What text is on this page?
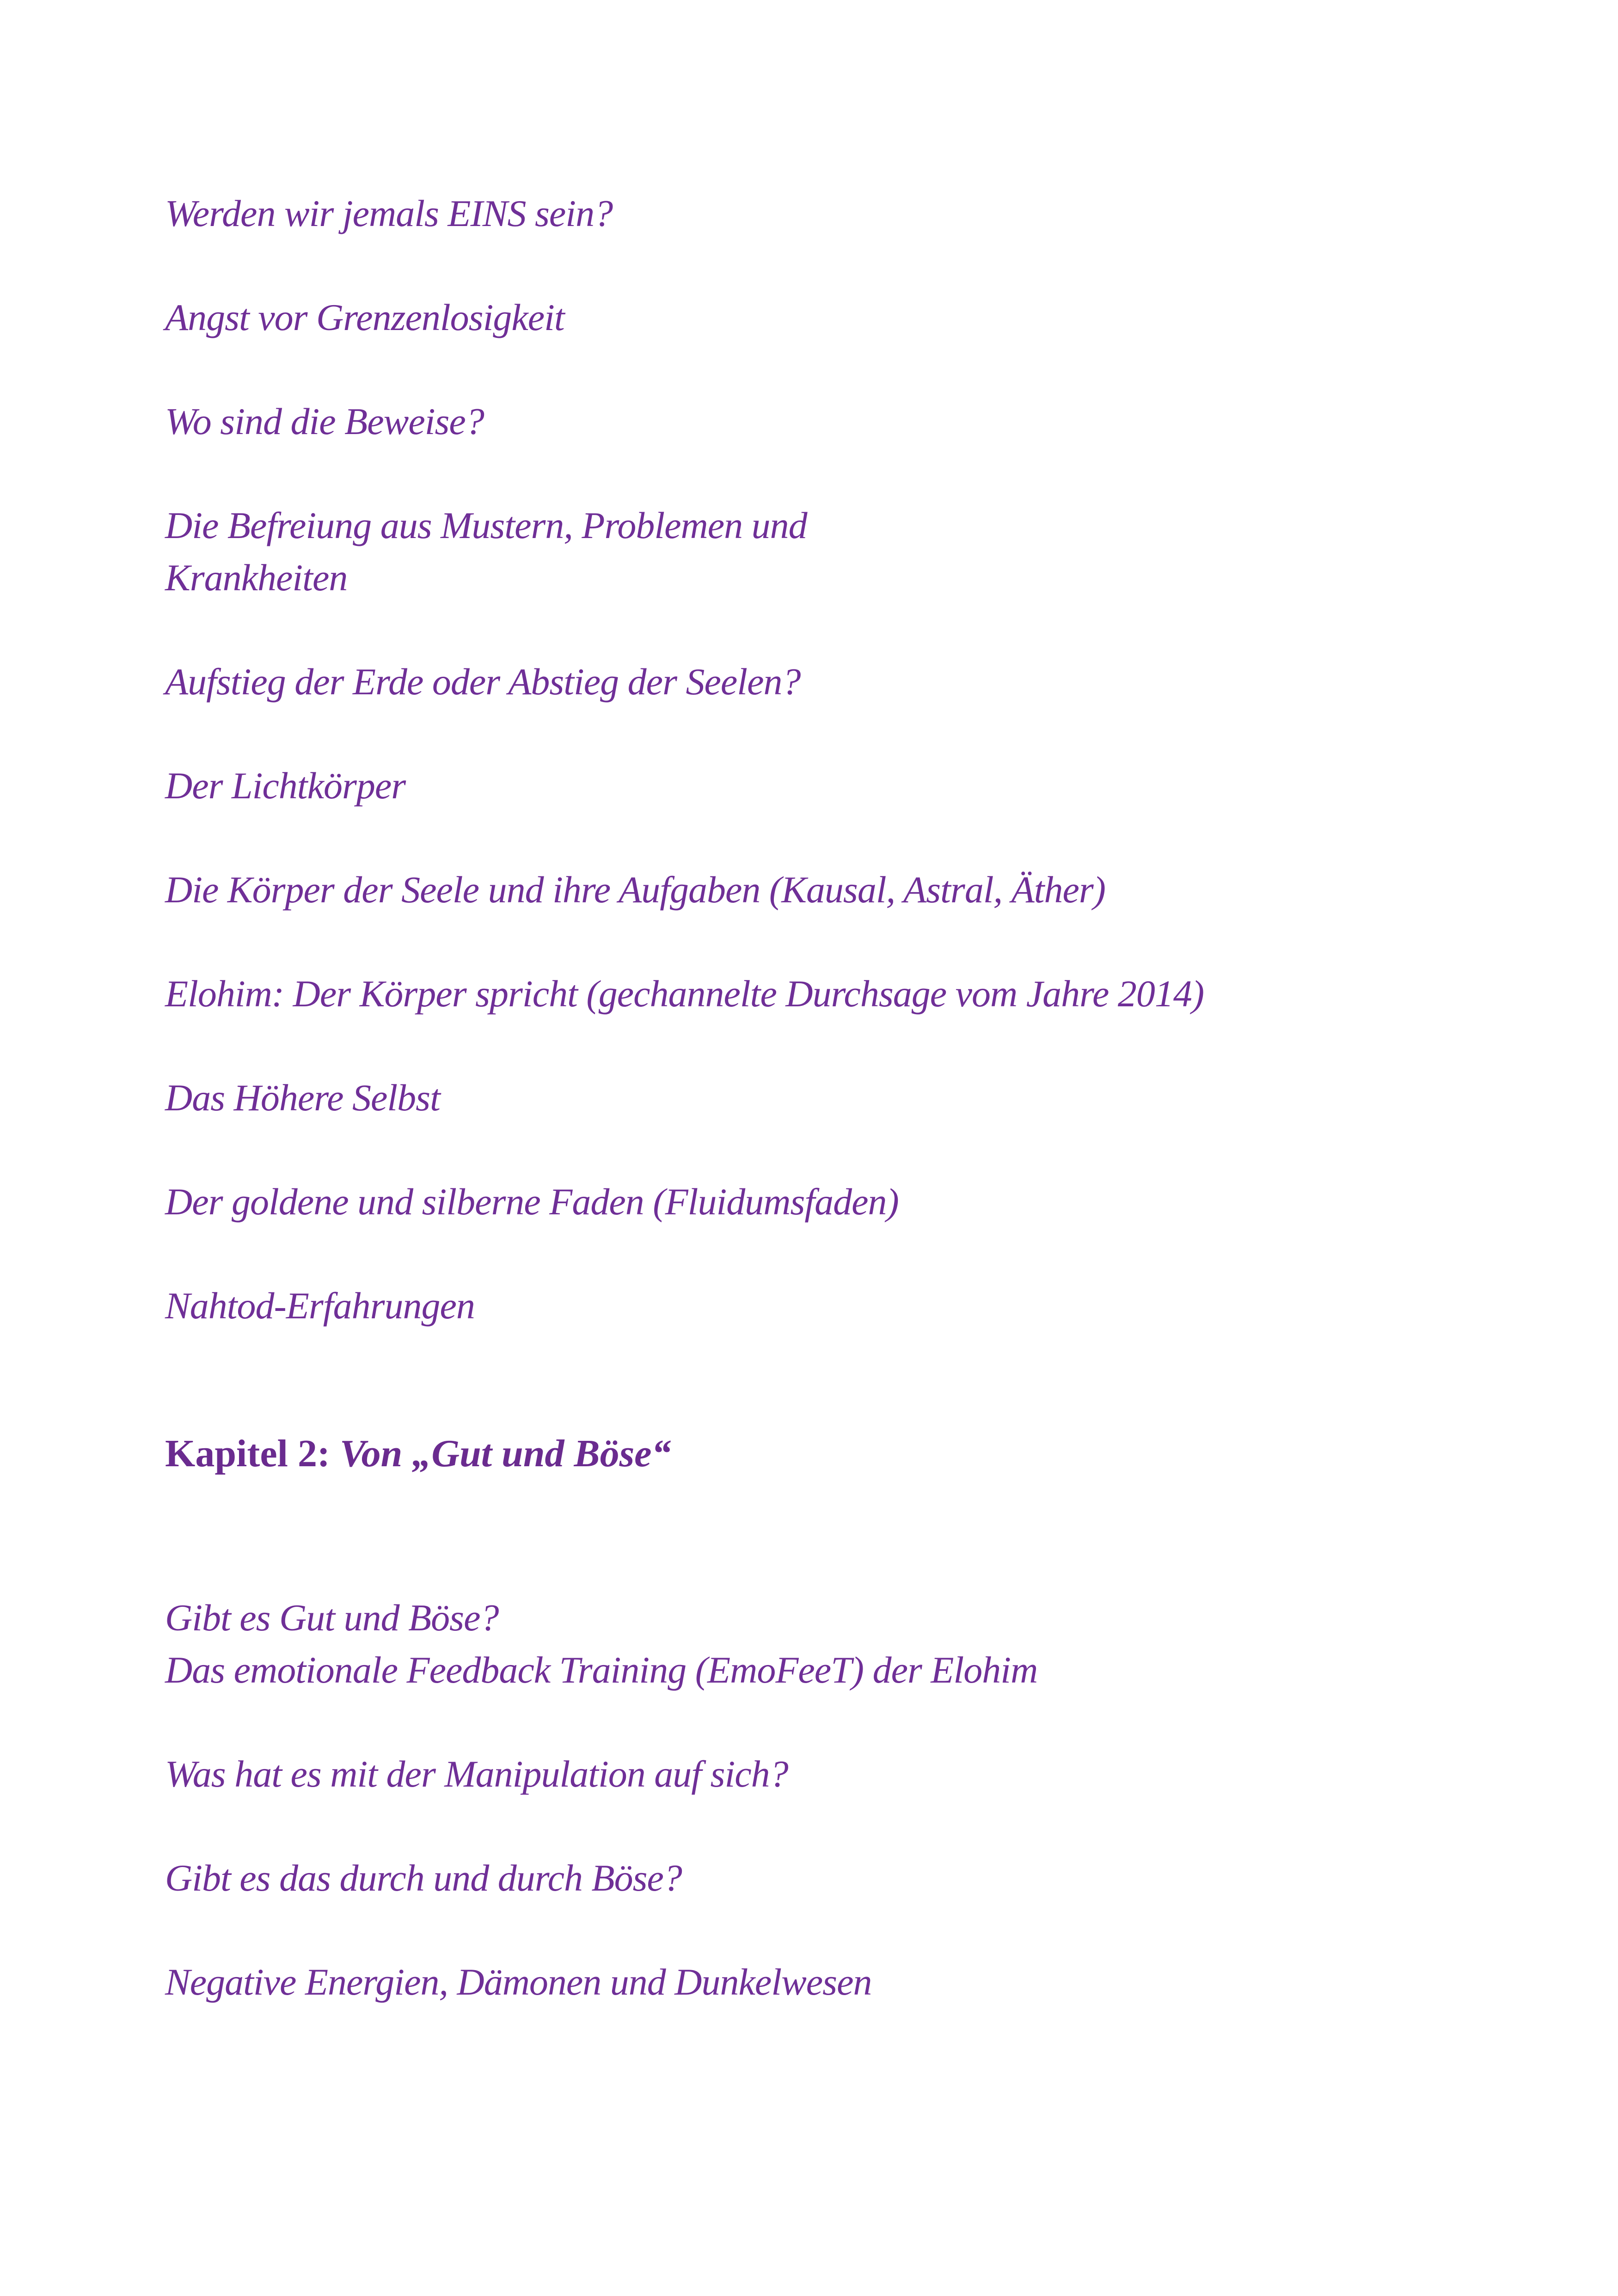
Werden wir jemals EINS sein?

Angst vor Grenzenlosigkeit

Wo sind die Beweise?

Die Befreiung aus Mustern, Problemen und

Krankheiten

Aufstieg der Erde oder Abstieg der Seelen?

Der Lichtkörper

Die Körper der Seele und ihre Aufgaben (Kausal, Astral, Äther)

Elohim: Der Körper spricht (gechannelte Durchsage vom Jahre 2014)

Das Höhere Selbst

Der goldene und silberne Faden (Fluidumsfaden)

Nahtod-Erfahrungen

Kapitel 2: Von „Gut und Böse“

Gibt es Gut und Böse?

Das emotionale Feedback Training (EmoFeeT) der Elohim

Was hat es mit der Manipulation auf sich?

Gibt es das durch und durch Böse?

Negative Energien, Dämonen und Dunkelwesen
